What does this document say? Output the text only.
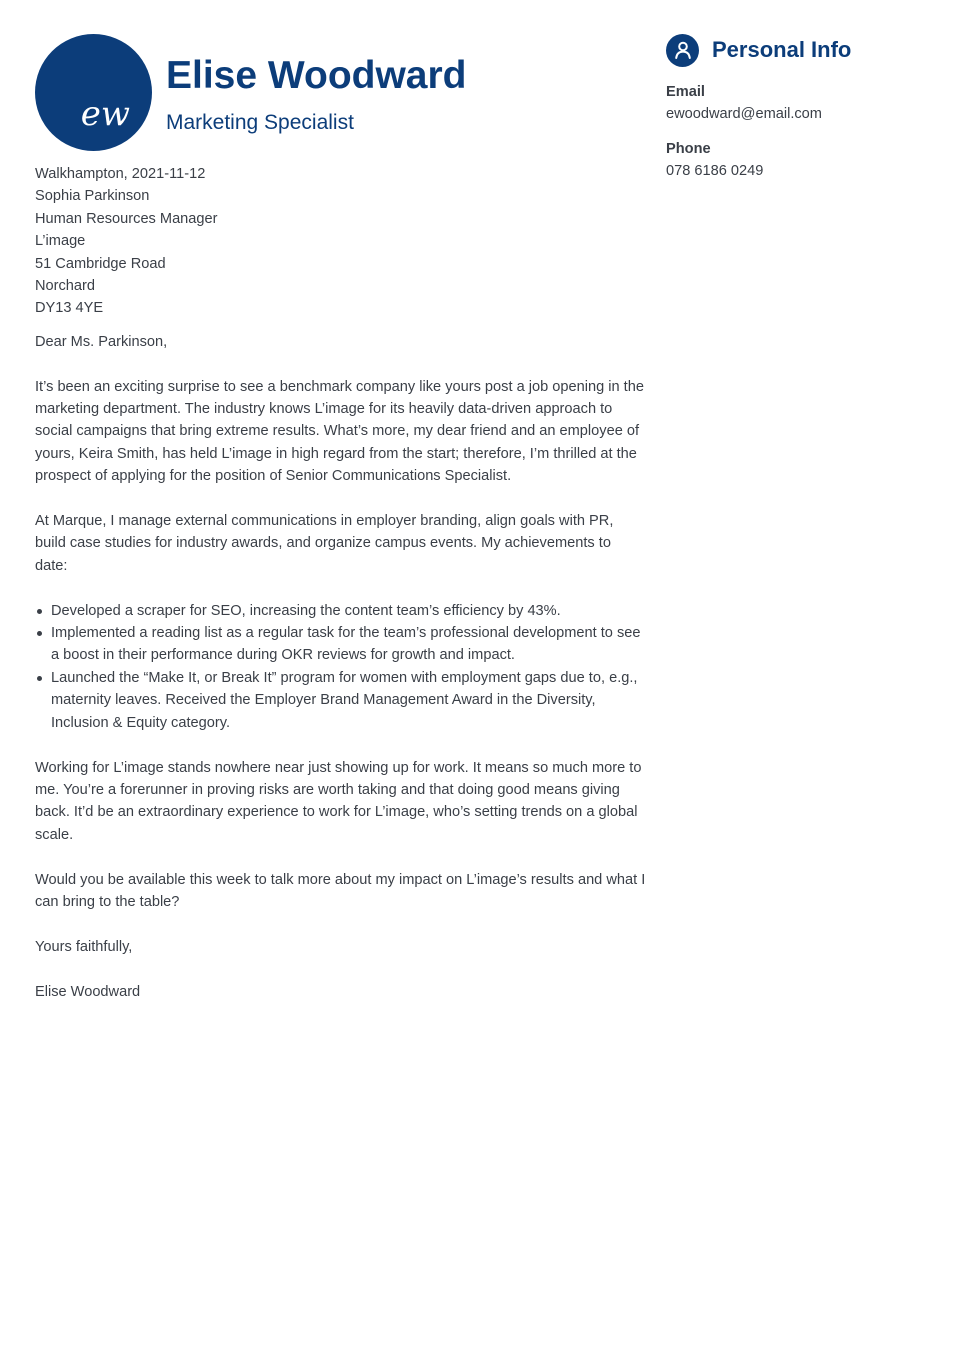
ew
Elise Woodward
Marketing Specialist
Walkhampton, 2021-11-12
Sophia Parkinson
Human Resources Manager
L’image
51 Cambridge Road
Norchard
DY13 4YE

Dear Ms. Parkinson,

It’s been an exciting surprise to see a benchmark company like yours post a job opening in the marketing department. The industry knows L’image for its heavily data-driven approach to social campaigns that bring extreme results. What’s more, my dear friend and an employee of yours, Keira Smith, has held L’image in high regard from the start; therefore, I’m thrilled at the prospect of applying for the position of Senior Communications Specialist.

At Marque, I manage external communications in employer branding, align goals with PR, build case studies for industry awards, and organize campus events. My achievements to date:

Developed a scraper for SEO, increasing the content team’s efficiency by 43%.
Implemented a reading list as a regular task for the team’s professional development to see a boost in their performance during OKR reviews for growth and impact.
Launched the “Make It, or Break It” program for women with employment gaps due to, e.g., maternity leaves. Received the Employer Brand Management Award in the Diversity, Inclusion & Equity category.

Working for L’image stands nowhere near just showing up for work. It means so much more to me. You’re a forerunner in proving risks are worth taking and that doing good means giving back. It’d be an extraordinary experience to work for L’image, who’s setting trends on a global scale.

Would you be available this week to talk more about my impact on L’image’s results and what I can bring to the table?

Yours faithfully,

Elise Woodward

Personal Info
Email
ewoodward@email.com
Phone
078 6186 0249
